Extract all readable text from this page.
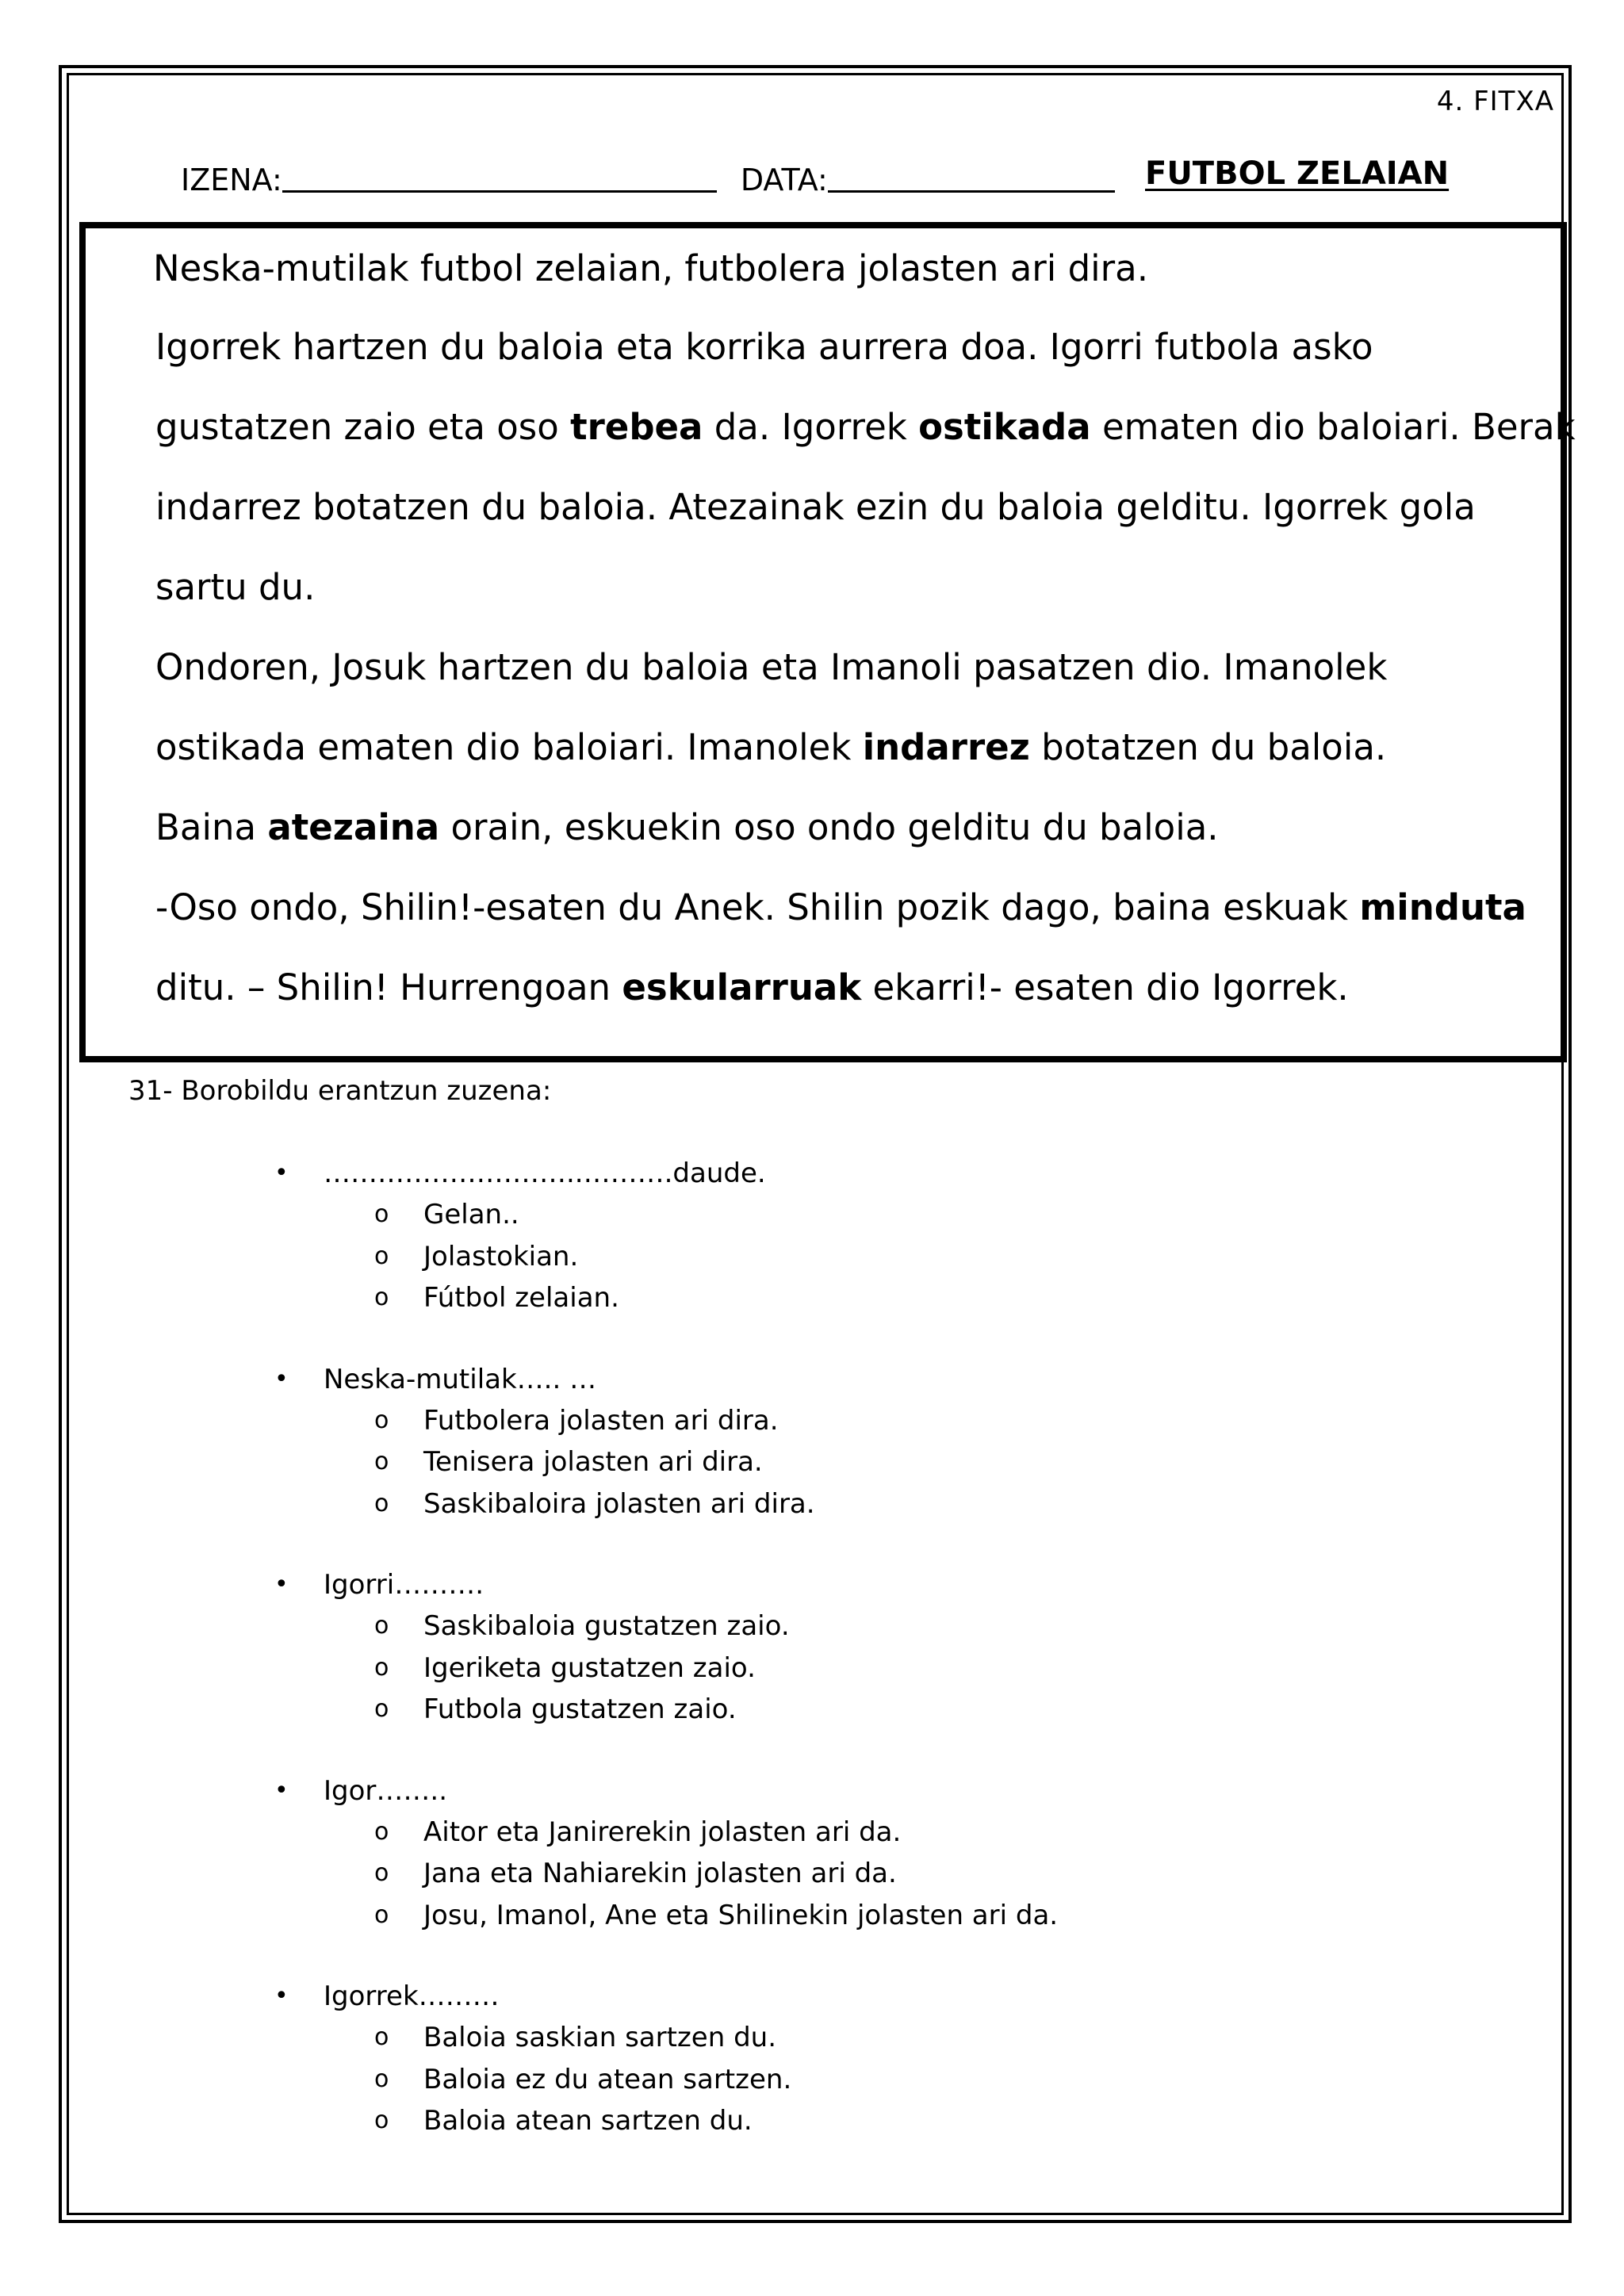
4. FITXA
IZENA:	DATA:	FUTBOL ZELAIAN
Neska-mutilak futbol zelaian, futbolera jolasten ari dira.
Igorrek hartzen du baloia eta korrika aurrera doa. Igorri futbola asko
gustatzen zaio eta oso trebea da. Igorrek ostikada ematen dio baloiari. Berak
indarrez botatzen du baloia. Atezainak ezin du baloia gelditu. Igorrek gola
sartu du.
Ondoren, Josuk hartzen du baloia eta Imanoli pasatzen dio. Imanolek
ostikada ematen dio baloiari. Imanolek indarrez botatzen du baloia.
Baina atezaina orain, eskuekin oso ondo gelditu du baloia.
-Oso ondo, Shilin!-esaten du Anek. Shilin pozik dago, baina eskuak minduta
ditu. – Shilin! Hurrengoan eskularruak ekarri!- esaten dio Igorrek.
31- Borobildu erantzun zuzena:
• ………………………..……….daude.
o Gelan..
o Jolastokian.
o Fútbol zelaian.
• Neska-mutilak….. …
o Futbolera jolasten ari dira.
o Tenisera jolasten ari dira.
o Saskibaloira jolasten ari dira.
• Igorri……….
o Saskibaloia gustatzen zaio.
o Igeriketa gustatzen zaio.
o Futbola gustatzen zaio.
• Igor……..
o Aitor eta Janirerekin jolasten ari da.
o Jana eta Nahiarekin jolasten ari da.
o Josu, Imanol, Ane eta Shilinekin jolasten ari da.
• Igorrek………
o Baloia saskian sartzen du.
o Baloia ez du atean sartzen.
o Baloia atean sartzen du.
